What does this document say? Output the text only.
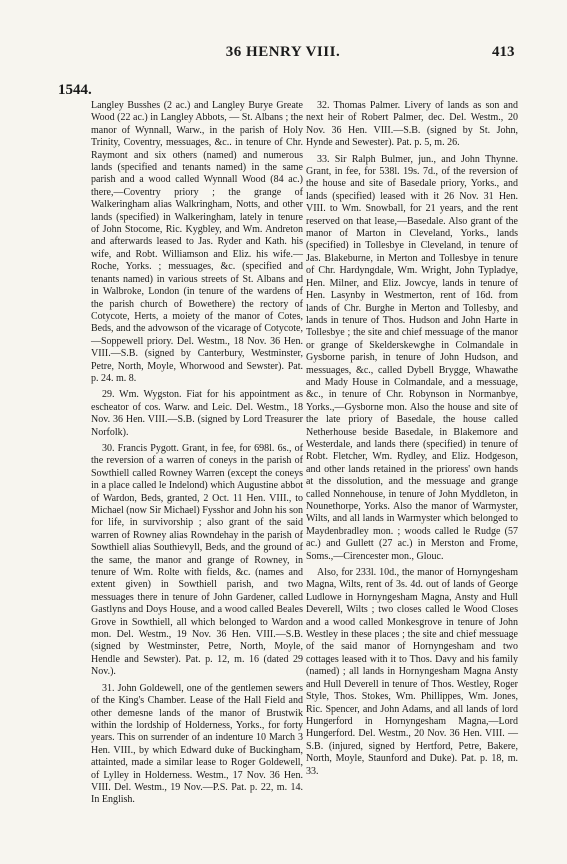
36 HENRY VIII.	413
1544.

Langley Busshes (2 ac.) and Langley Burye Greate Wood (22 ac.) in Langley Abbots, — St. Albans ; the manor of Wynnall, Warw., in the parish of Holy Trinity, Coventry, messuages, &c.. in tenure of Chr. Raymont and six others (named) and numerous lands (specified and tenants named) in the same parish and a wood called Wynnall Wood (84 ac.) there,—Coventry priory ; the grange of Walkeringham alias Walkringham, Notts, and other lands (specified) in Walkeringham, lately in tenure of John Stocome, Ric. Kygbley, and Wm. Andreton and afterwards leased to Jas. Ryder and Kath. his wife, and Robt. Williamson and Eliz. his wife.—Roche, Yorks. ; messuages, &c. (specified and tenants named) in various streets of St. Albans and in Walbroke, London (in tenure of the wardens of the parish church of Bowethere) the rectory of Cotycote, Herts, a moiety of the manor of Cotes, Beds, and the advowson of the vicarage of Cotycote,—Soppewell priory. Del. Westm., 18 Nov. 36 Hen. VIII.—S.B. (signed by Canterbury, Westminster, Petre, North, Moyle, Whorwood and Sewster). Pat. p. 24. m. 8.

29. Wm. Wygston. Fiat for his appointment as escheator of cos. Warw. and Leic. Del. Westm., 18 Nov. 36 Hen. VIII.—S.B. (signed by Lord Treasurer Norfolk).

30. Francis Pygott. Grant, in fee, for 698l. 6s., of the reversion of a warren of coneys in the parish of Sowthiell called Rowney Warren (except the coneys in a place called le Indelond) which Augustine abbot of Wardon, Beds, granted, 2 Oct. 11 Hen. VIII., to Michael (now Sir Michael) Fysshor and John his son for life, in survivorship ; also grant of the said warren of Rowney alias Rowndehay in the parish of Sowthiell alias Southievyll, Beds, and the ground of the same, the manor and grange of Rowney, in tenure of Wm. Rolte with fields, &c. (names and extent given) in Sowthiell parish, and two messuages there in tenure of John Gardener, called Gastlyns and Doys House, and a wood called Beales Grove in Sowthiell, all which belonged to Wardon mon. Del. Westm., 19 Nov. 36 Hen. VIII.—S.B. (signed by Westminster, Petre, North, Moyle, Hendle and Sewster). Pat. p. 12, m. 16 (dated 29 Nov.).

31. John Goldewell, one of the gentlemen sewers of the King's Chamber. Lease of the Hall Field and other demesne lands of the manor of Brustwik within the lordship of Holderness, Yorks., for forty years. This on surrender of an indenture 10 March 3 Hen. VIII., by which Edward duke of Buckingham, attainted, made a similar lease to Roger Goldewell, of Lylley in Holderness. Westm., 17 Nov. 36 Hen. VIII. Del. Westm., 19 Nov.—P.S. Pat. p. 22, m. 14. In English.

32. Thomas Palmer. Livery of lands as son and next heir of Robert Palmer, dec. Del. Westm., 20 Nov. 36 Hen. VIII.—S.B. (signed by St. John, Hynde and Sewester). Pat. p. 5, m. 26.

33. Sir Ralph Bulmer, jun., and John Thynne. Grant, in fee, for 538l. 19s. 7d., of the reversion of the house and site of Basedale priory, Yorks., and lands (specified) leased with it 26 Nov. 31 Hen. VIII. to Wm. Snowball, for 21 years, and the rent reserved on that lease,—Basedale. Also grant of the manor of Marton in Cleveland, Yorks., lands (specified) in Tollesbye in Cleveland, in tenure of Jas. Blakeburne, in Merton and Tollesbye in tenure of Chr. Hardyngdale, Wm. Wright, John Typladye, Hen. Milner, and Eliz. Jowcye, lands in tenure of Hen. Lasynby in Westmerton, rent of 16d. from lands of Chr. Burghe in Merton and Tollesby, and lands in tenure of Thos. Hudson and John Harte in Tollesbye ; the site and chief messuage of the manor or grange of Skelderskewghe in Colmandale in Gysborne parish, in tenure of John Hudson, and messuages, &c., called Dybell Brygge, Whawathe and Mady House in Colmandale, and a messuage, &c., in tenure of Chr. Robynson in Normanbye, Yorks.,—Gysborne mon. Also the house and site of the late priory of Basedale, the house called Netherhouse beside Basedale, in Blakemore and Westerdale, and lands there (specified) in tenure of Robt. Fletcher, Wm. Rydley, and Eliz. Hodgeson, and other lands retained in the prioress' own hands at the dissolution, and the messuage and grange called Nonnehouse, in tenure of John Myddleton, in Nounethorpe, Yorks. Also the manor of Warmyster, Wilts, and all lands in Warmyster which belonged to Maydenbradley mon. ; woods called le Rudge (57 ac.) and Gullett (27 ac.) in Merston and Frome, Soms.,—Cirencester mon., Glouc.

Also, for 233l. 10d., the manor of Hornyngesham Magna, Wilts, rent of 3s. 4d. out of lands of George Ludlowe in Hornyngesham Magna, Ansty and Hull Deverell, Wilts ; two closes called le Wood Closes and a wood called Monkesgrove in tenure of John Westley in these places ; the site and chief messuage of the said manor of Hornyngesham and two cottages leased with it to Thos. Davy and his family (named) ; all lands in Hornyngesham Magna Ansty and Hull Deverell in tenure of Thos. Westley, Roger Style, Thos. Stokes, Wm. Phillippes, Wm. Jones, Ric. Spencer, and John Adams, and all lands of lord Hungerford in Hornyngesham Magna,—Lord Hungerford. Del. Westm., 20 Nov. 36 Hen. VIII. —S.B. (injured, signed by Hertford, Petre, Bakere, North, Moyle, Staunford and Duke). Pat. p. 18, m. 33.
